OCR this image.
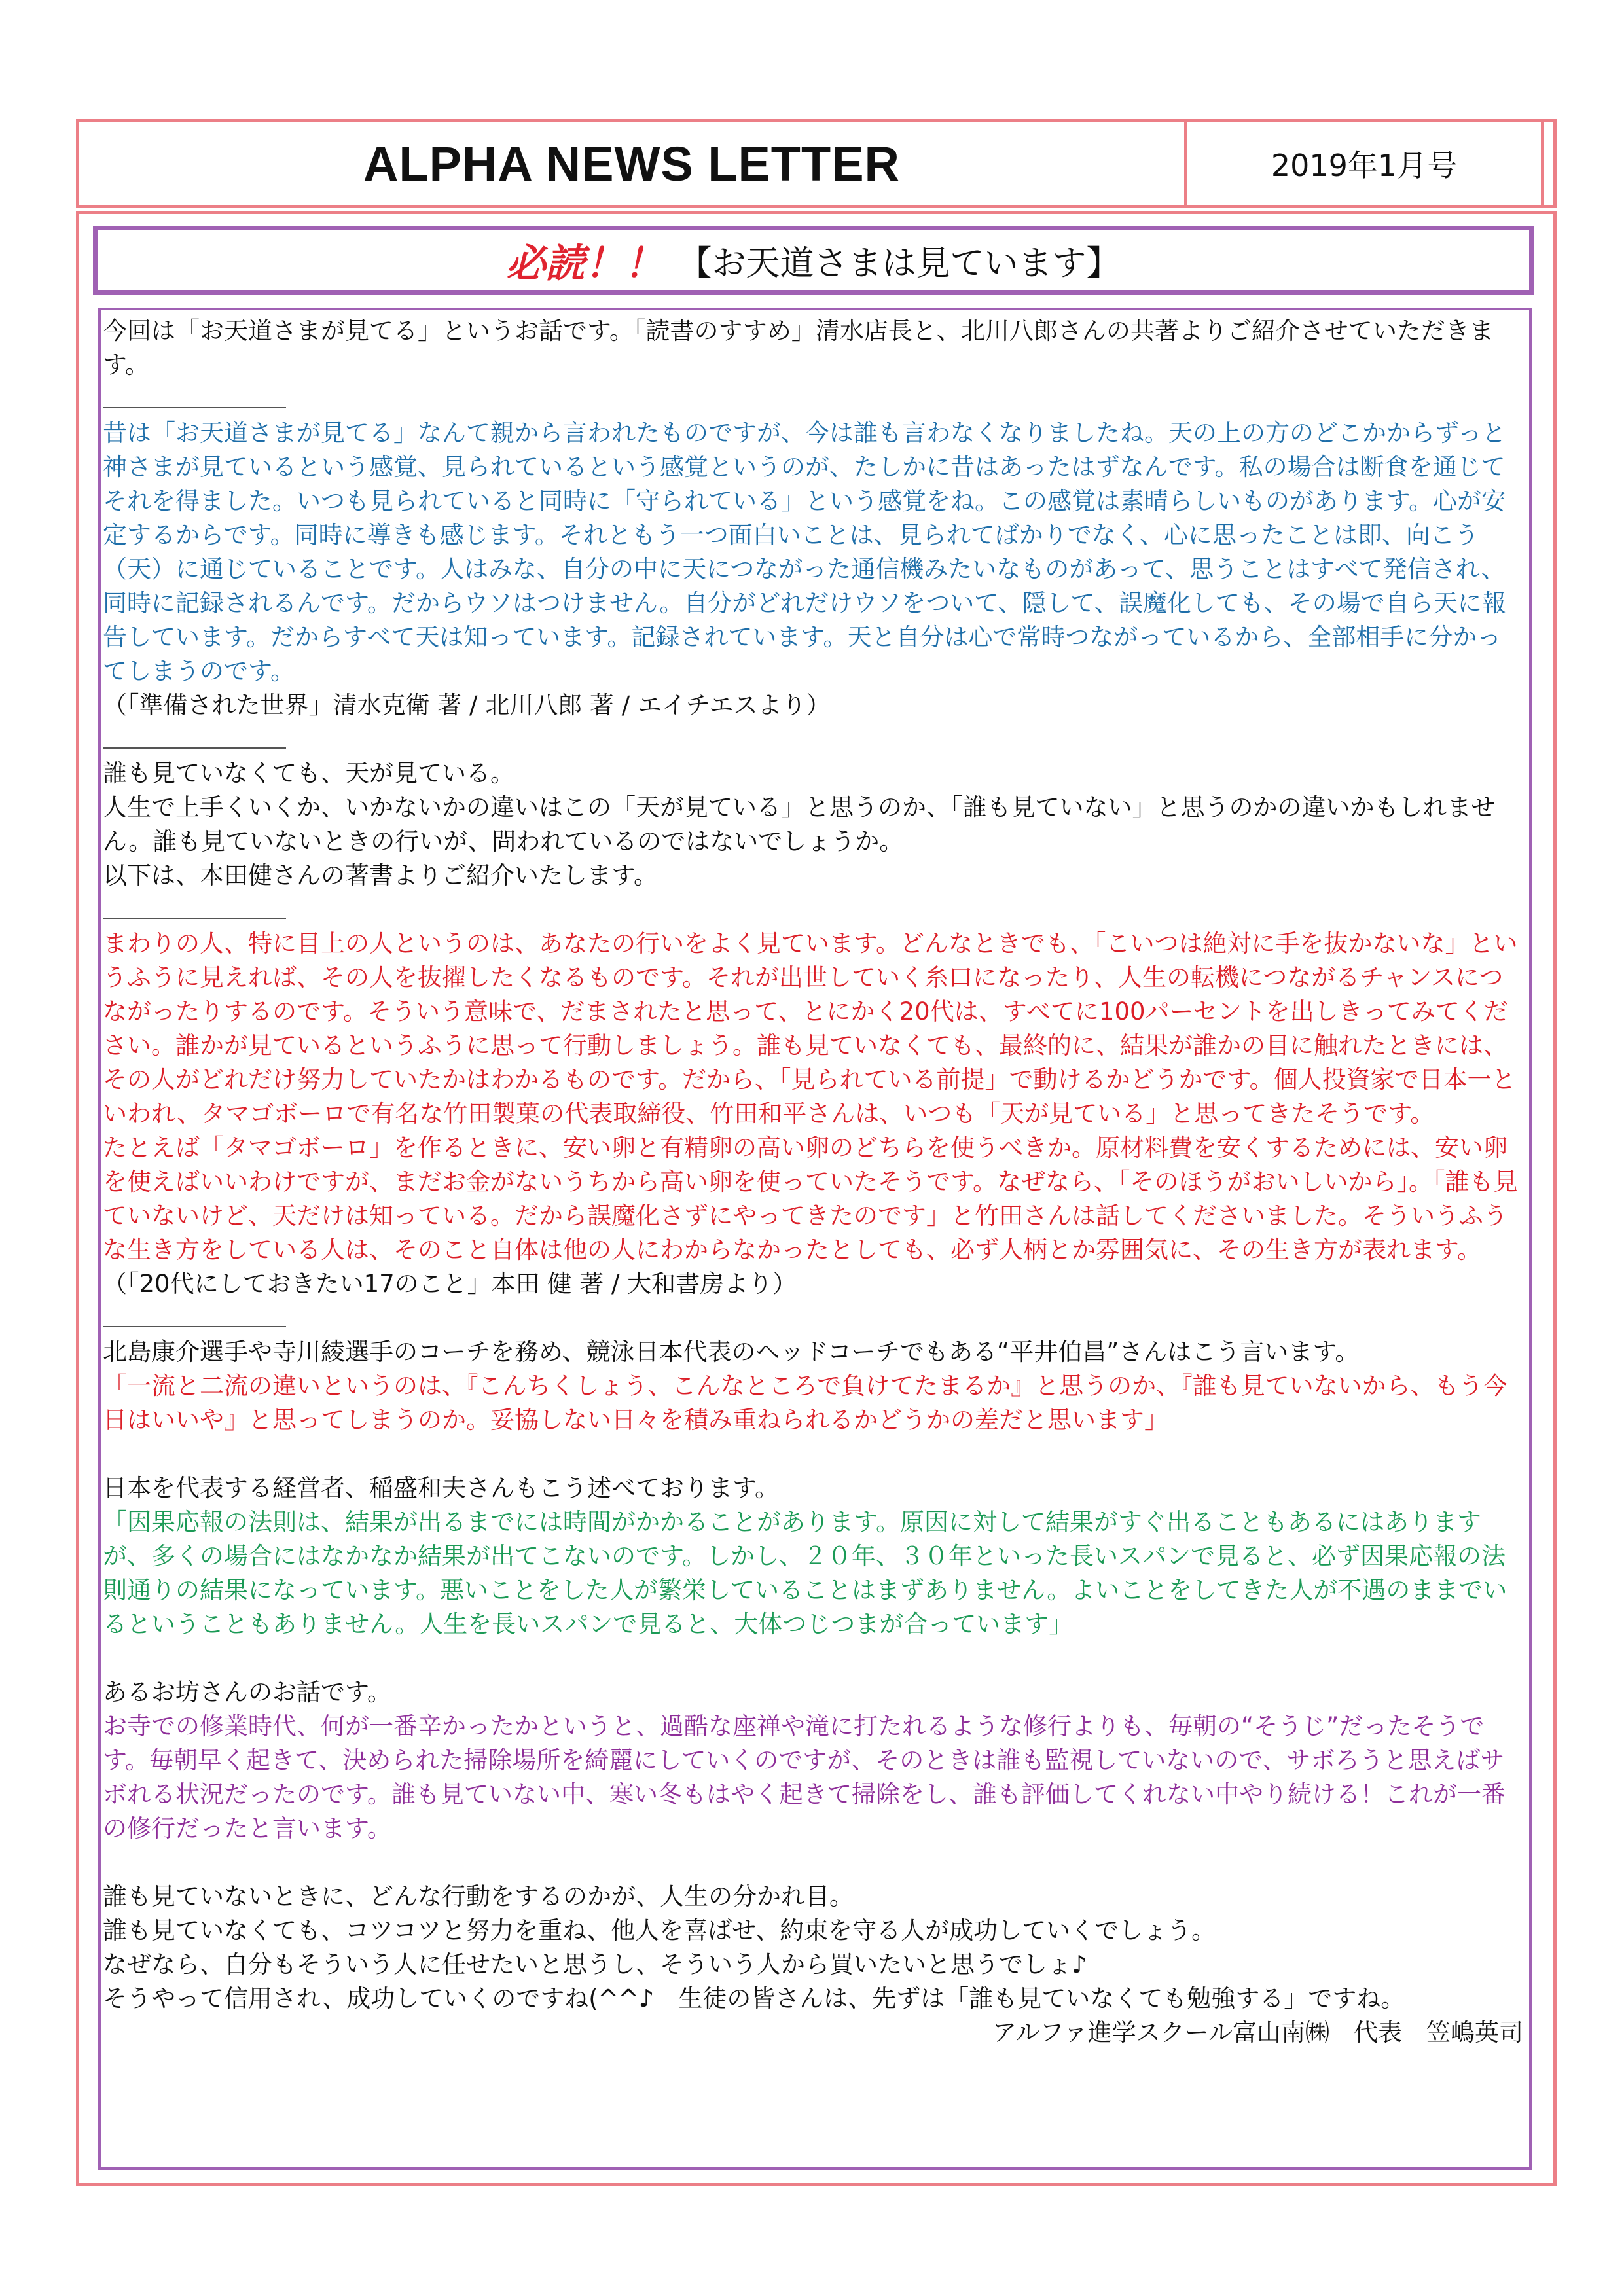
ALPHA NEWS LETTER	2019年1月号
必読！！ 【お天道さまは見ています】

今回は「お天道さまが見てる」というお話です。「読書のすすめ」清水店長と、北川八郎さんの共著よりご紹介させていただきます。

昔は「お天道さまが見てる」なんて親から言われたものですが、今は誰も言わなくなりましたね。天の上の方のどこかからずっと神さまが見ているという感覚、見られているという感覚というのが、たしかに昔はあったはずなんです。私の場合は断食を通じてそれを得ました。いつも見られていると同時に「守られている」という感覚をね。この感覚は素晴らしいものがあります。心が安定するからです。同時に導きも感じます。それともう一つ面白いことは、見られてばかりでなく、心に思ったことは即、向こう（天）に通じていることです。人はみな、自分の中に天につながった通信機みたいなものがあって、思うことはすべて発信され、同時に記録されるんです。だからウソはつけません。自分がどれだけウソをついて、隠して、誤魔化しても、その場で自ら天に報告しています。だからすべて天は知っています。記録されています。天と自分は心で常時つながっているから、全部相手に分かってしまうのです。

（「準備された世界」清水克衛 著 / 北川八郎 著 / エイチエスより）

誰も見ていなくても、天が見ている。

人生で上手くいくか、いかないかの違いはこの「天が見ている」と思うのか、「誰も見ていない」と思うのかの違いかもしれません。誰も見ていないときの行いが、問われているのではないでしょうか。

以下は、本田健さんの著書よりご紹介いたします。

まわりの人、特に目上の人というのは、あなたの行いをよく見ています。どんなときでも、「こいつは絶対に手を抜かないな」というふうに見えれば、その人を抜擢したくなるものです。それが出世していく糸口になったり、人生の転機につながるチャンスにつながったりするのです。そういう意味で、だまされたと思って、とにかく20代は、すべてに100パーセントを出しきってみてください。誰かが見ているというふうに思って行動しましょう。誰も見ていなくても、最終的に、結果が誰かの目に触れたときには、その人がどれだけ努力していたかはわかるものです。だから、「見られている前提」で動けるかどうかです。個人投資家で日本一といわれ、タマゴボーロで有名な竹田製菓の代表取締役、竹田和平さんは、いつも「天が見ている」と思ってきたそうです。

たとえば「タマゴボーロ」を作るときに、安い卵と有精卵の高い卵のどちらを使うべきか。原材料費を安くするためには、安い卵を使えばいいわけですが、まだお金がないうちから高い卵を使っていたそうです。なぜなら、「そのほうがおいしいから」。「誰も見ていないけど、天だけは知っている。だから誤魔化さずにやってきたのです」と竹田さんは話してくださいました。そういうふうな生き方をしている人は、そのこと自体は他の人にわからなかったとしても、必ず人柄とか雰囲気に、その生き方が表れます。（「20代にしておきたい17のこと」本田 健 著 / 大和書房より）

北島康介選手や寺川綾選手のコーチを務め、競泳日本代表のヘッドコーチでもある“平井伯昌”さんはこう言います。

「一流と二流の違いというのは、『こんちくしょう、こんなところで負けてたまるか』と思うのか、『誰も見ていないから、もう今日はいいや』と思ってしまうのか。妥協しない日々を積み重ねられるかどうかの差だと思います」

日本を代表する経営者、稲盛和夫さんもこう述べております。

「因果応報の法則は、結果が出るまでには時間がかかることがあります。原因に対して結果がすぐ出ることもあるにはありますが、多くの場合にはなかなか結果が出てこないのです。しかし、２０年、３０年といった長いスパンで見ると、必ず因果応報の法則通りの結果になっています。悪いことをした人が繁栄していることはまずありません。よいことをしてきた人が不遇のままでいるということもありません。人生を長いスパンで見ると、大体つじつまが合っています」

あるお坊さんのお話です。

お寺での修業時代、何が一番辛かったかというと、過酷な座禅や滝に打たれるような修行よりも、毎朝の“そうじ”だったそうです。毎朝早く起きて、決められた掃除場所を綺麗にしていくのですが、そのときは誰も監視していないので、サボろうと思えばサボれる状況だったのです。誰も見ていない中、寒い冬もはやく起きて掃除をし、誰も評価してくれない中やり続ける！これが一番の修行だったと言います。

誰も見ていないときに、どんな行動をするのかが、人生の分かれ目。

誰も見ていなくても、コツコツと努力を重ね、他人を喜ばせ、約束を守る人が成功していくでしょう。

なぜなら、自分もそういう人に任せたいと思うし、そういう人から買いたいと思うでしょ♪

そうやって信用され、成功していくのですね(^^♪　生徒の皆さんは、先ずは「誰も見ていなくても勉強する」ですね。

アルファ進学スクール富山南㈱　代表　笠嶋英司
